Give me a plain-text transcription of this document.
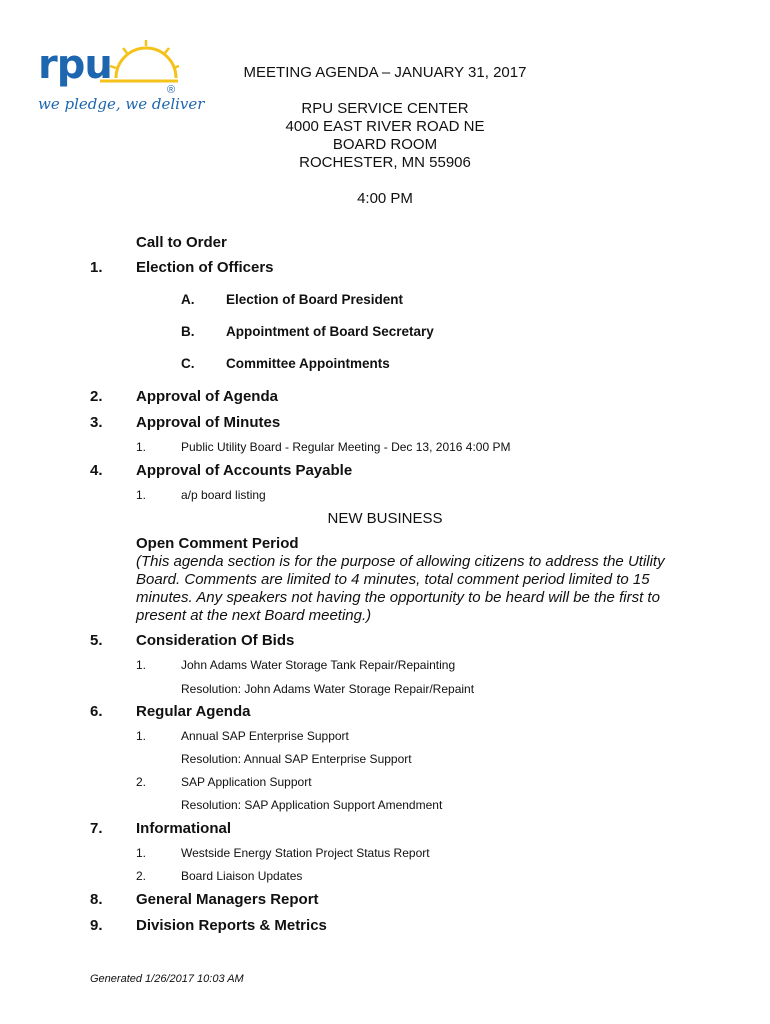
rpu
®
we pledge, we deliver
MEETING AGENDA – JANUARY 31, 2017
RPU SERVICE CENTER
4000 EAST RIVER ROAD NE
BOARD ROOM
ROCHESTER, MN 55906
4:00 PM
Call to Order
1. Election of Officers
A. Election of Board President
B. Appointment of Board Secretary
C. Committee Appointments
2. Approval of Agenda
3. Approval of Minutes
1.	Public Utility Board - Regular Meeting - Dec 13, 2016 4:00 PM
4. Approval of Accounts Payable
1.	a/p board listing
NEW BUSINESS
Open Comment Period
(This agenda section is for the purpose of allowing citizens to address the Utility Board. Comments are limited to 4 minutes, total comment period limited to 15 minutes. Any speakers not having the opportunity to be heard will be the first to present at the next Board meeting.)
5. Consideration Of Bids
1.	John Adams Water Storage Tank Repair/Repainting
Resolution: John Adams Water Storage Repair/Repaint
6. Regular Agenda
1.	Annual SAP Enterprise Support
Resolution: Annual SAP Enterprise Support
2.	SAP Application Support
Resolution: SAP Application Support Amendment
7. Informational
1.	Westside Energy Station Project Status Report
2.	Board Liaison Updates
8. General Managers Report
9. Division Reports & Metrics
Generated 1/26/2017 10:03 AM
